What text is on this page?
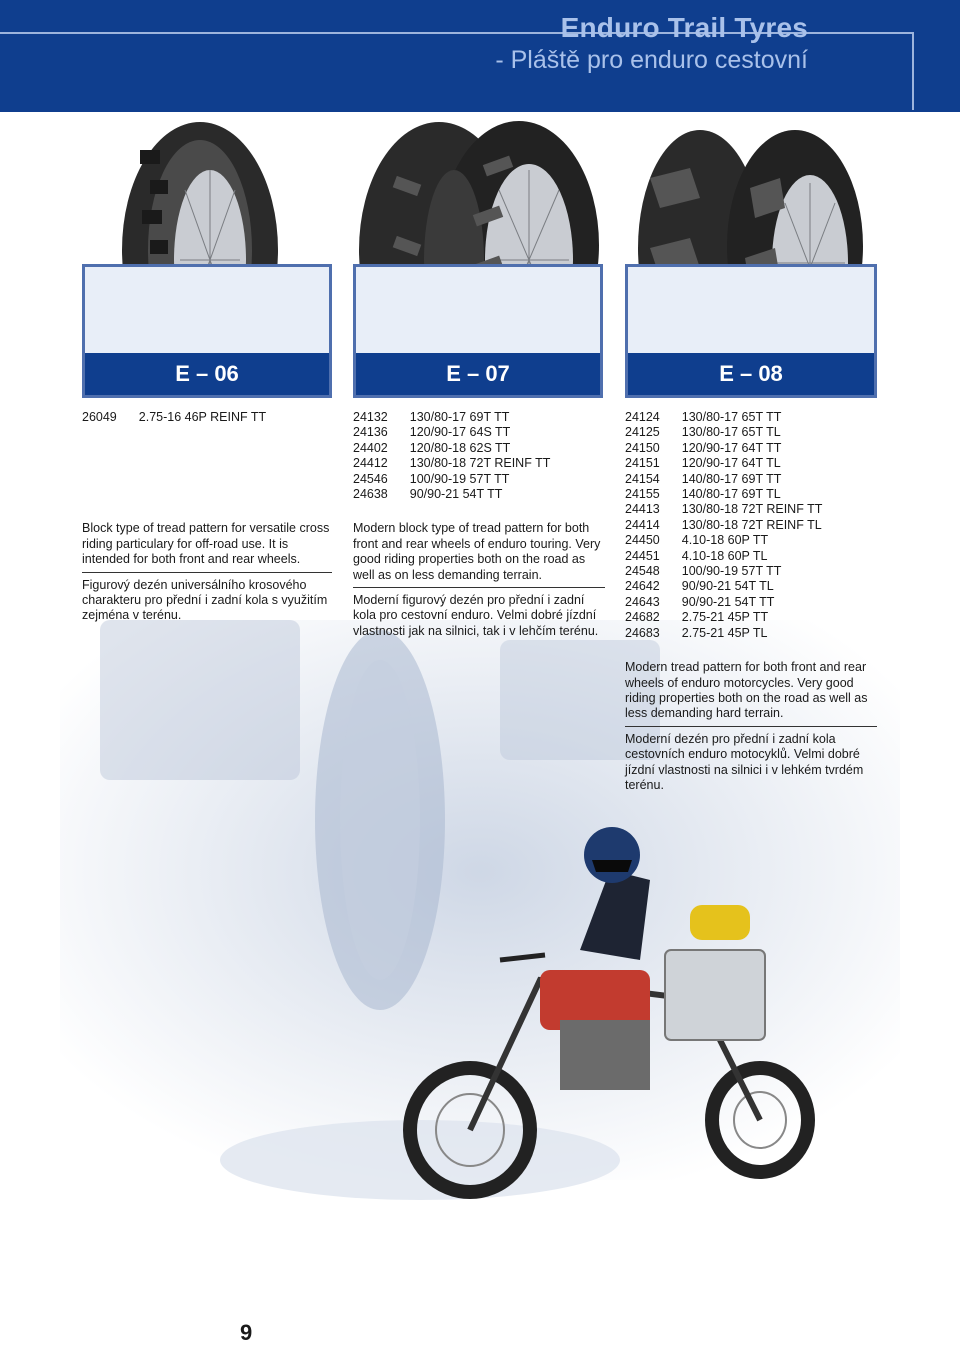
Enduro Trail Tyres
- Pláště pro enduro cestovní
E – 06	E – 07	E – 08
26049	2.75-16 46P REINF TT

Block type of tread pattern for versatile cross riding particulary for off-road use. It is intended for both front and rear wheels.

Figurový dezén universálního krosového charakteru pro přední i zadní kola s využitím zejména v terénu.

24132	130/80-17 69T TT
24136	120/90-17 64S TT
24402	120/80-18 62S TT
24412	130/80-18 72T REINF TT
24546	100/90-19 57T TT
24638	90/90-21 54T TT

Modern block type of tread pattern for both front and rear wheels of enduro touring. Very good riding properties both on the road as well as on less demanding terrain.

Moderní figurový dezén pro přední i zadní kola pro cestovní enduro. Velmi dobré jízdní vlastnosti jak na silnici, tak i v lehčím terénu.

24124	130/80-17 65T TT
24125	130/80-17 65T TL
24150	120/90-17 64T TT
24151	120/90-17 64T TL
24154	140/80-17 69T TT
24155	140/80-17 69T TL
24413	130/80-18 72T REINF TT
24414	130/80-18 72T REINF TL
24450	4.10-18 60P TT
24451	4.10-18 60P TL
24548	100/90-19 57T TT
24642	90/90-21 54T TL
24643	90/90-21 54T TT
24682	2.75-21 45P TT
24683	2.75-21 45P TL

Modern tread pattern for both front and rear wheels of enduro motorcycles. Very good riding properties both on the road as well as less demanding hard terrain.

Moderní dezén pro přední i zadní kola cestovních enduro motocyklů. Velmi dobré jízdní vlastnosti na silnici i v lehkém tvrdém terénu.

9
